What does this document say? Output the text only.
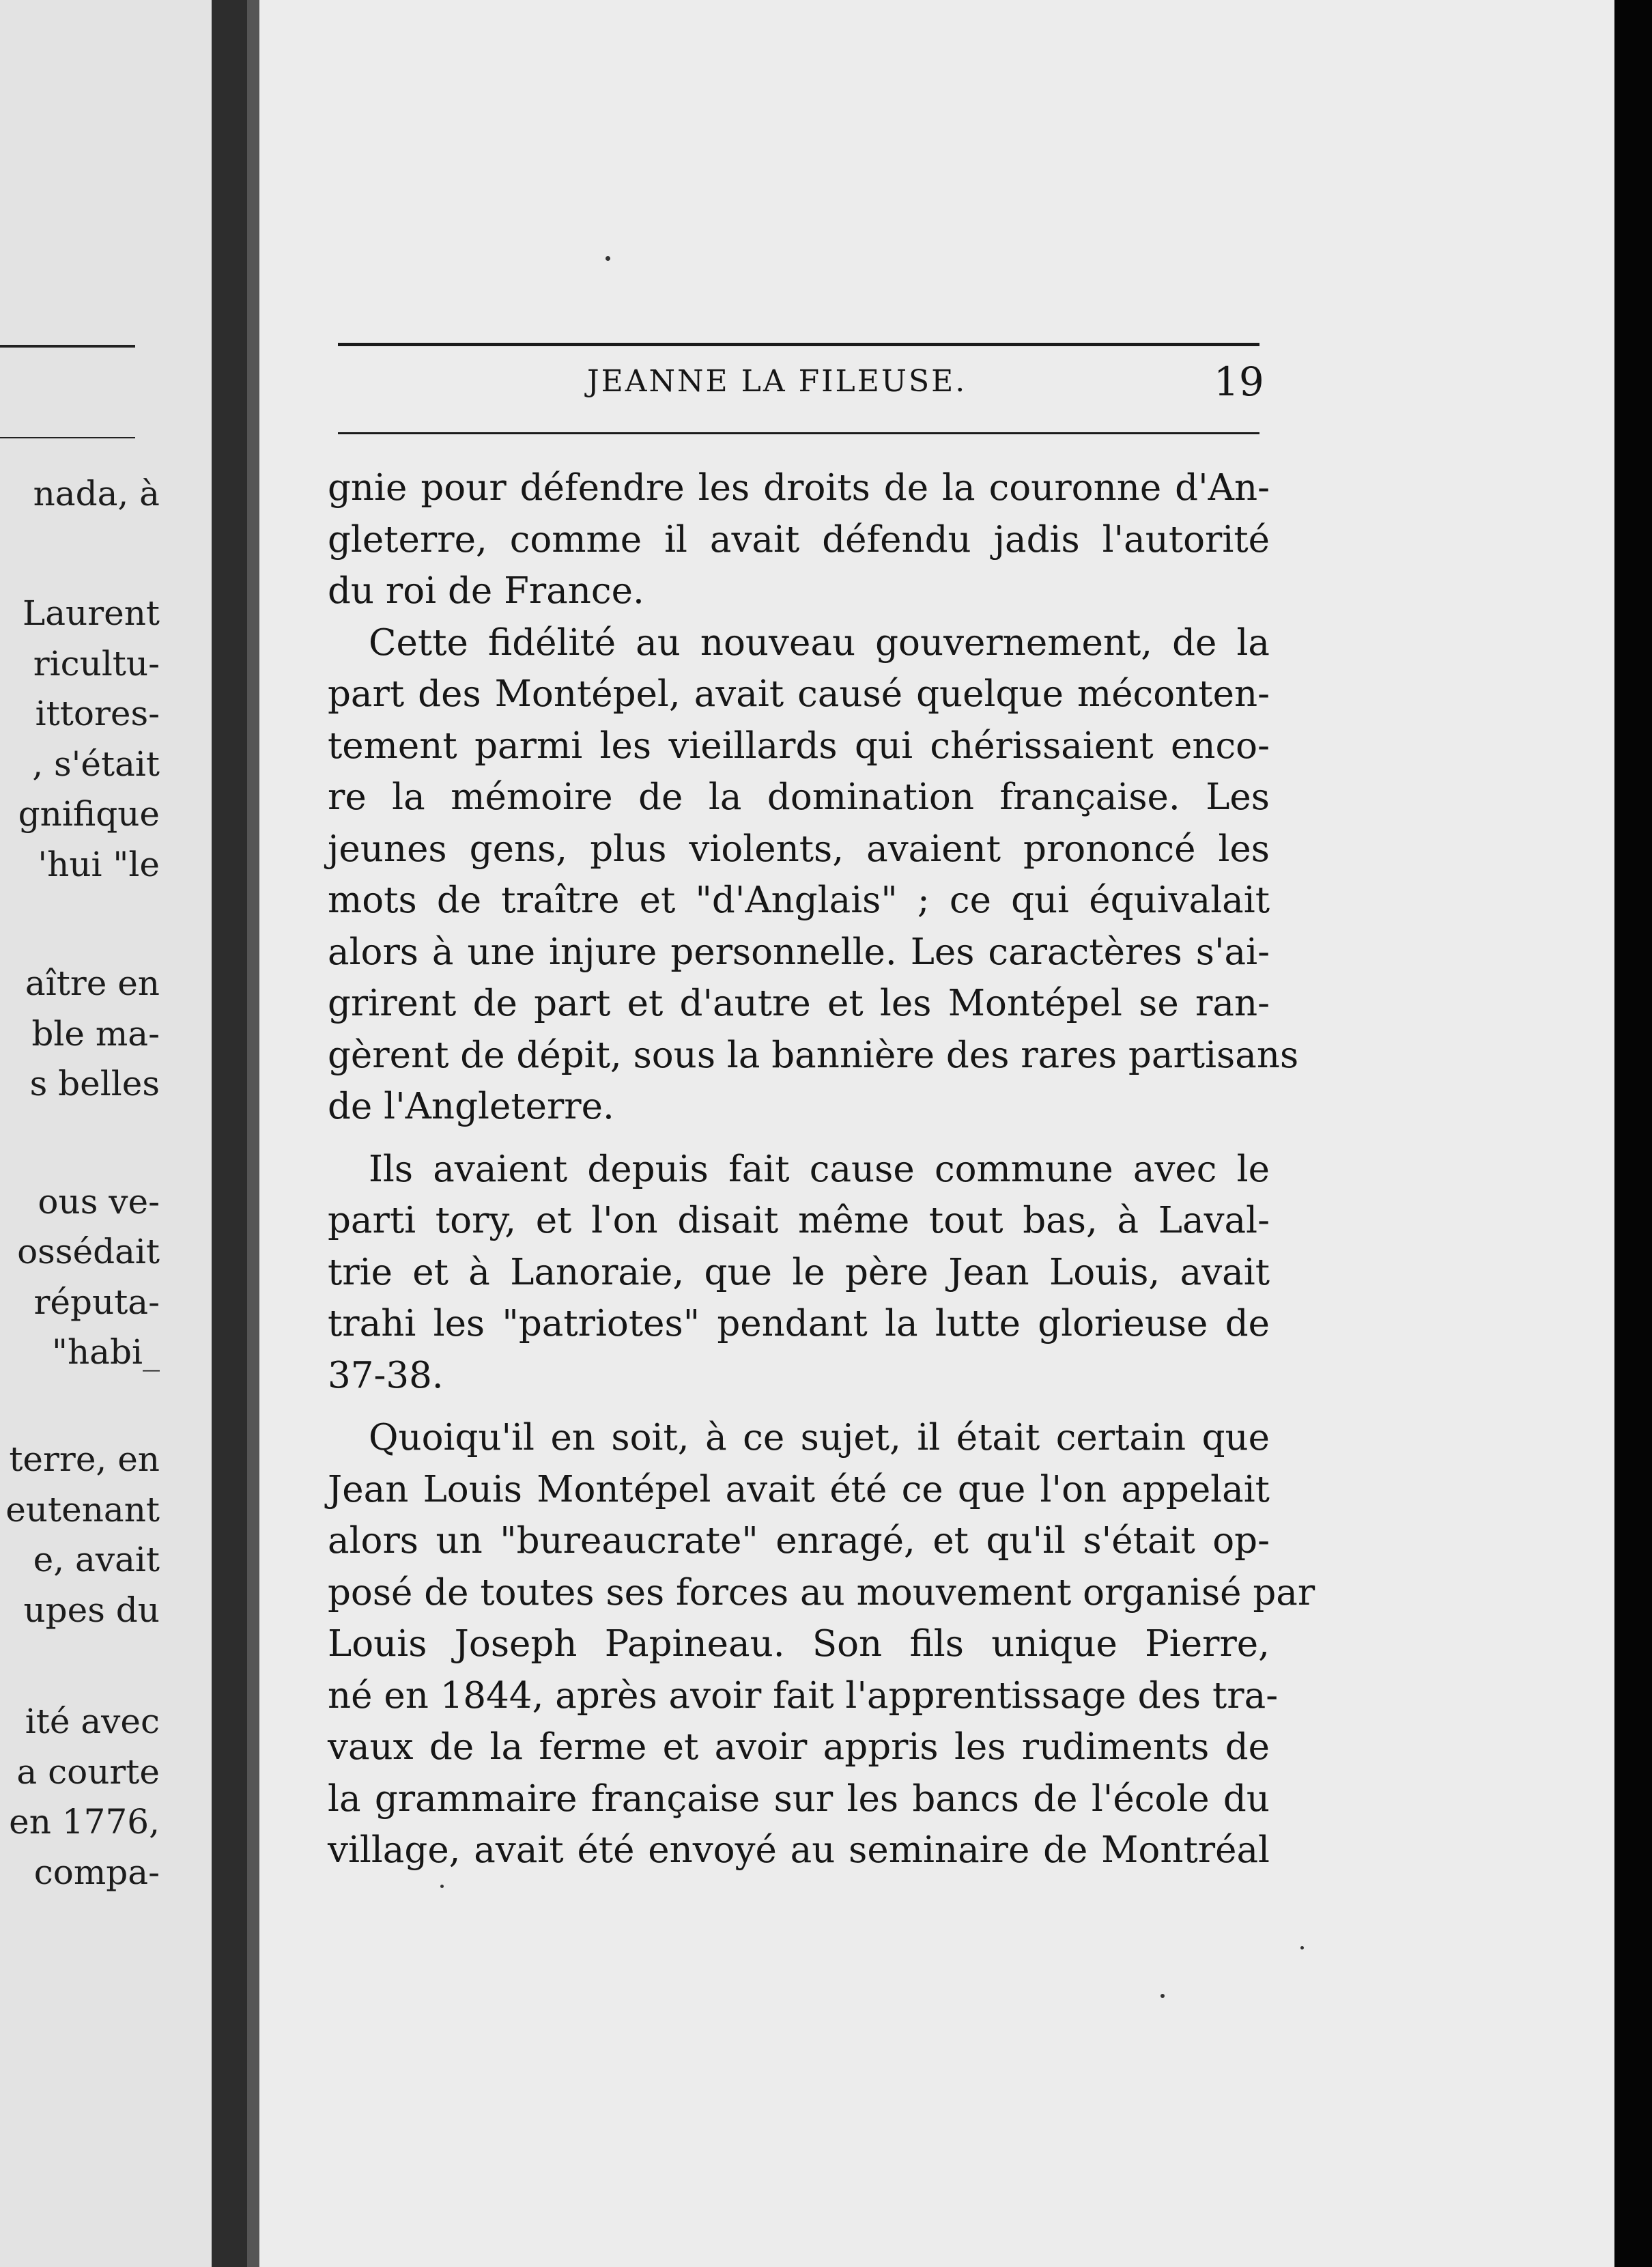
nada, à
Laurent
ricultu-
ittores-
, s'était
gnifique
'hui "le
aître en
ble ma-
s belles
ous ve-
ossédait
réputa-
"habi_
terre, en
eutenant
e, avait
upes du
ité avec
a courte
en 1776,
compa-
JEANNE LA FILEUSE.	19
gnie pour défendre les droits de la couronne d'An-
gleterre, comme il avait défendu jadis l'autorité
du roi de France.
Cette fidélité au nouveau gouvernement, de la
part des Montépel, avait causé quelque méconten-
tement parmi les vieillards qui chérissaient enco-
re la mémoire de la domination française. Les
jeunes gens, plus violents, avaient prononcé les
mots de traître et "d'Anglais" ; ce qui équivalait
alors à une injure personnelle. Les caractères s'ai-
grirent de part et d'autre et les Montépel se ran-
gèrent de dépit, sous la bannière des rares partisans
de l'Angleterre.
Ils avaient depuis fait cause commune avec le
parti tory, et l'on disait même tout bas, à Laval-
trie et à Lanoraie, que le père Jean Louis, avait
trahi les "patriotes" pendant la lutte glorieuse de
37-38.
Quoiqu'il en soit, à ce sujet, il était certain que
Jean Louis Montépel avait été ce que l'on appelait
alors un "bureaucrate" enragé, et qu'il s'était op-
posé de toutes ses forces au mouvement organisé par
Louis Joseph Papineau. Son fils unique Pierre,
né en 1844, après avoir fait l'apprentissage des tra-
vaux de la ferme et avoir appris les rudiments de
la grammaire française sur les bancs de l'école du
village, avait été envoyé au seminaire de Montréal
